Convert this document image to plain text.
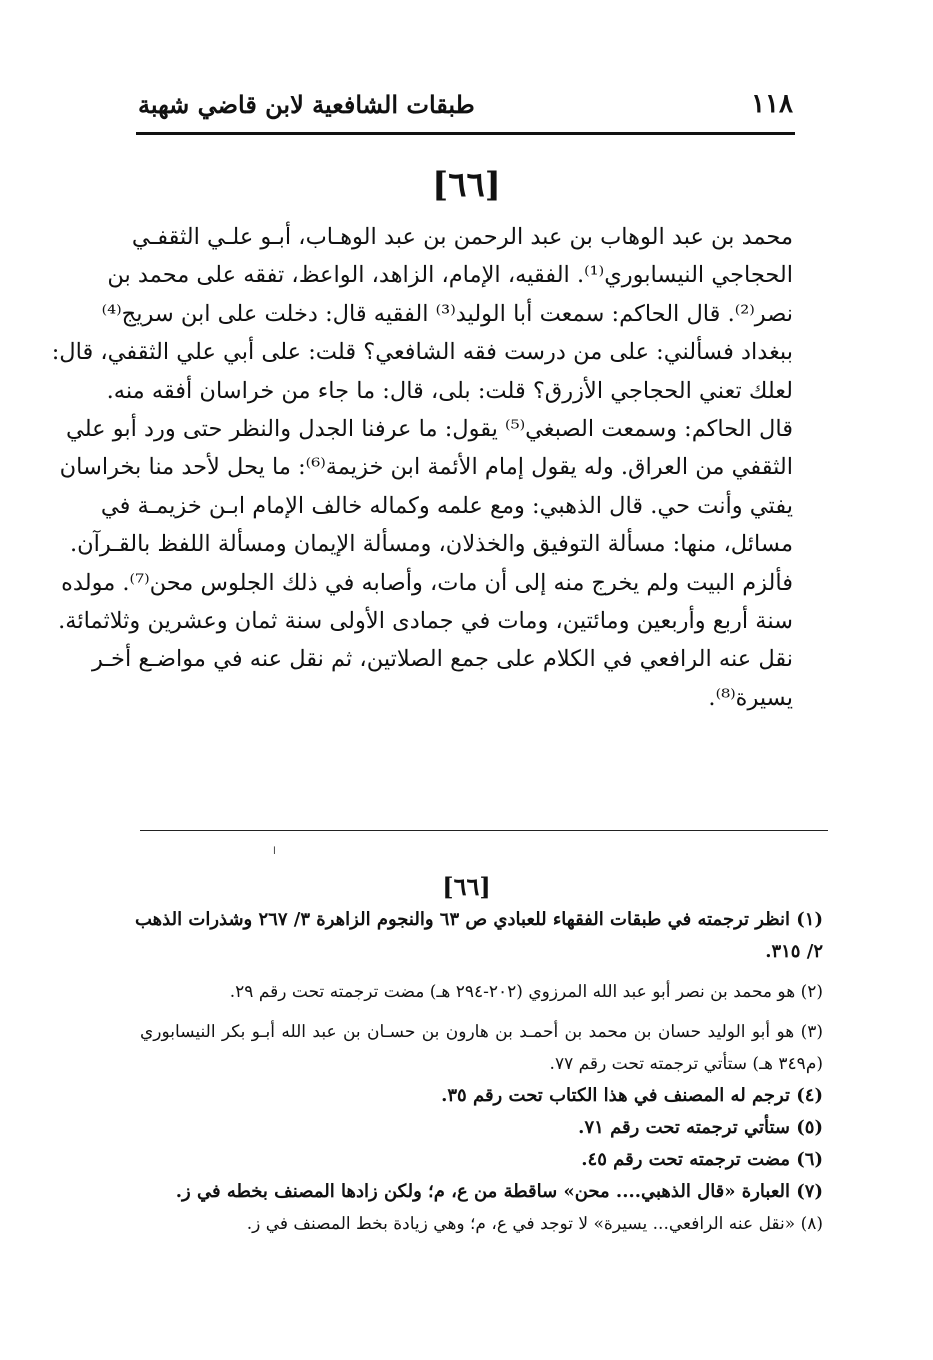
١١٨
طبقات الشافعية لابن قاضي شهبة
[٦٦]
محمد بن عبد الوهاب بن عبد الرحمن بن عبد الوهـاب، أبـو علـي الثقفـي
الحجاجي النيسابوري⁽¹⁾. الفقيه، الإمام، الزاهد، الواعظ، تفقه على محمد بن
نصر⁽²⁾. قال الحاكم: سمعت أبا الوليد⁽³⁾ الفقيه قال: دخلت على ابن سريج⁽⁴⁾
ببغداد فسألني: على من درست فقه الشافعي؟ قلت: على أبي علي الثقفي، قال:
لعلك تعني الحجاجي الأزرق؟ قلت: بلى، قال: ما جاء من خراسان أفقه منه.
قال الحاكم: وسمعت الصبغي⁽⁵⁾ يقول: ما عرفنا الجدل والنظر حتى ورد أبو علي
الثقفي من العراق. وله يقول إمام الأئمة ابن خزيمة⁽⁶⁾: ما يحل لأحد منا بخراسان
يفتي وأنت حي. قال الذهبي: ومع علمه وكماله خالف الإمام ابـن خزيمـة في
مسائل، منها: مسألة التوفيق والخذلان، ومسألة الإيمان ومسألة اللفظ بالقـرآن.
فألزم البيت ولم يخرج منه إلى أن مات، وأصابه في ذلك الجلوس محن⁽⁷⁾. مولده
سنة أربع وأربعين ومائتين، ومات في جمادى الأولى سنة ثمان وعشرين وثلاثمائة.
نقل عنه الرافعي في الكلام على جمع الصلاتين، ثم نقل عنه في مواضـع أخـر
يسيرة⁽⁸⁾.
ا
[٦٦]
(١) انظر ترجمته في طبقات الفقهاء للعبادي ص ٦٣ والنجوم الزاهرة ٣/ ٢٦٧ وشذرات الذهب
٢/ ٣١٥.
(٢) هو محمد بن نصر أبو عبد الله المرزوي (٢٠٢-٢٩٤ هـ) مضت ترجمته تحت رقم ٢٩.
(٣) هو أبو الوليد حسان بن محمد بن أحمـد بن هارون بن حسـان بن عبد الله أبـو بكر النيسابوري
(م٣٤٩ هـ) ستأتي ترجمته تحت رقم ٧٧.
(٤) ترجم له المصنف في هذا الكتاب تحت رقم ٣٥.
(٥) ستأتي ترجمته تحت رقم ٧١.
(٦) مضت ترجمته تحت رقم ٤٥.
(٧) العبارة «قال الذهبي.... محن» ساقطة من ع، م؛ ولكن زادها المصنف بخطه في ز.
(٨) «نقل عنه الرافعي... يسيرة» لا توجد في ع، م؛ وهي زيادة بخط المصنف في ز.
